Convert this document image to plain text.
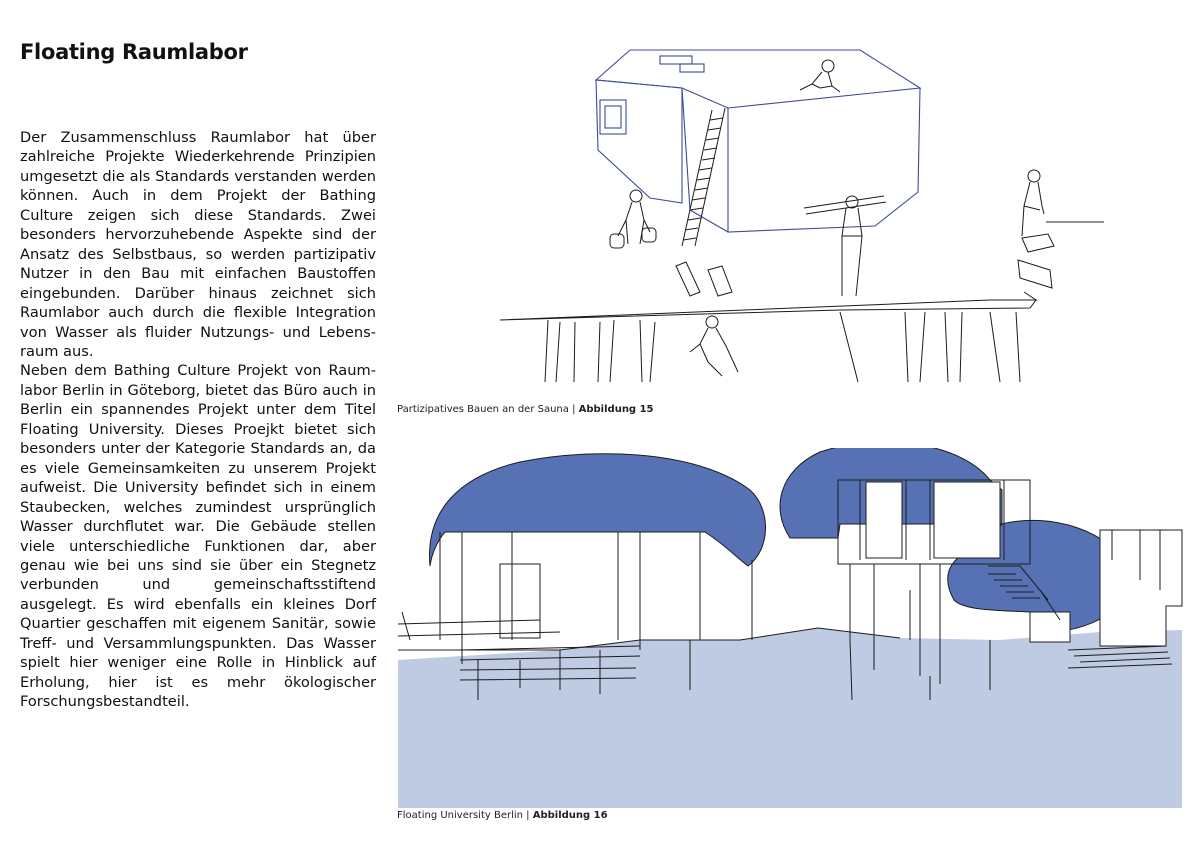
Floating Raumlabor

Der Zusammenschluss Raumlabor hat über zahlreiche Projekte Wiederkehrende Prinzipien umgesetzt die als Standards verstanden werden können. Auch in dem Projekt der Bathing Culture zeigen sich diese Standards. Zwei besonders hervorzuhebende Aspekte sind der Ansatz des Selbstbaus, so werden partizipativ Nutzer in den Bau mit einfachen Baustoffen eingebunden. Darüber hinaus zeichnet sich Raumlabor auch durch die flexible Integration von Wasser als fluider Nutzungs- und Lebensraum aus.

Neben dem Bathing Culture Projekt von Raumlabor Berlin in Göteborg, bietet das Büro auch in Berlin ein spannendes Projekt unter dem Titel Floating University. Dieses Proejkt bietet sich besonders unter der Kategorie Standards an, da es viele Gemeinsamkeiten zu unserem Projekt aufweist. Die University befindet sich in einem Staubecken, welches zumindest ursprünglich Wasser durchflutet war. Die Gebäude stellen viele unterschiedliche Funktionen dar, aber genau wie bei uns sind sie über ein Stegnetz verbunden und gemeinschaftsstiftend ausgelegt. Es wird ebenfalls ein kleines Dorf Quartier geschaffen mit eigenem Sanitär, sowie Treff- und Versammlungspunkten. Das Wasser spielt hier weniger eine Rolle in Hinblick auf Erholung, hier ist es mehr ökologischer Forschungsbestandteil.

Partizipatives Bauen an der Sauna | Abbildung 15
Floating University Berlin | Abbildung 16
